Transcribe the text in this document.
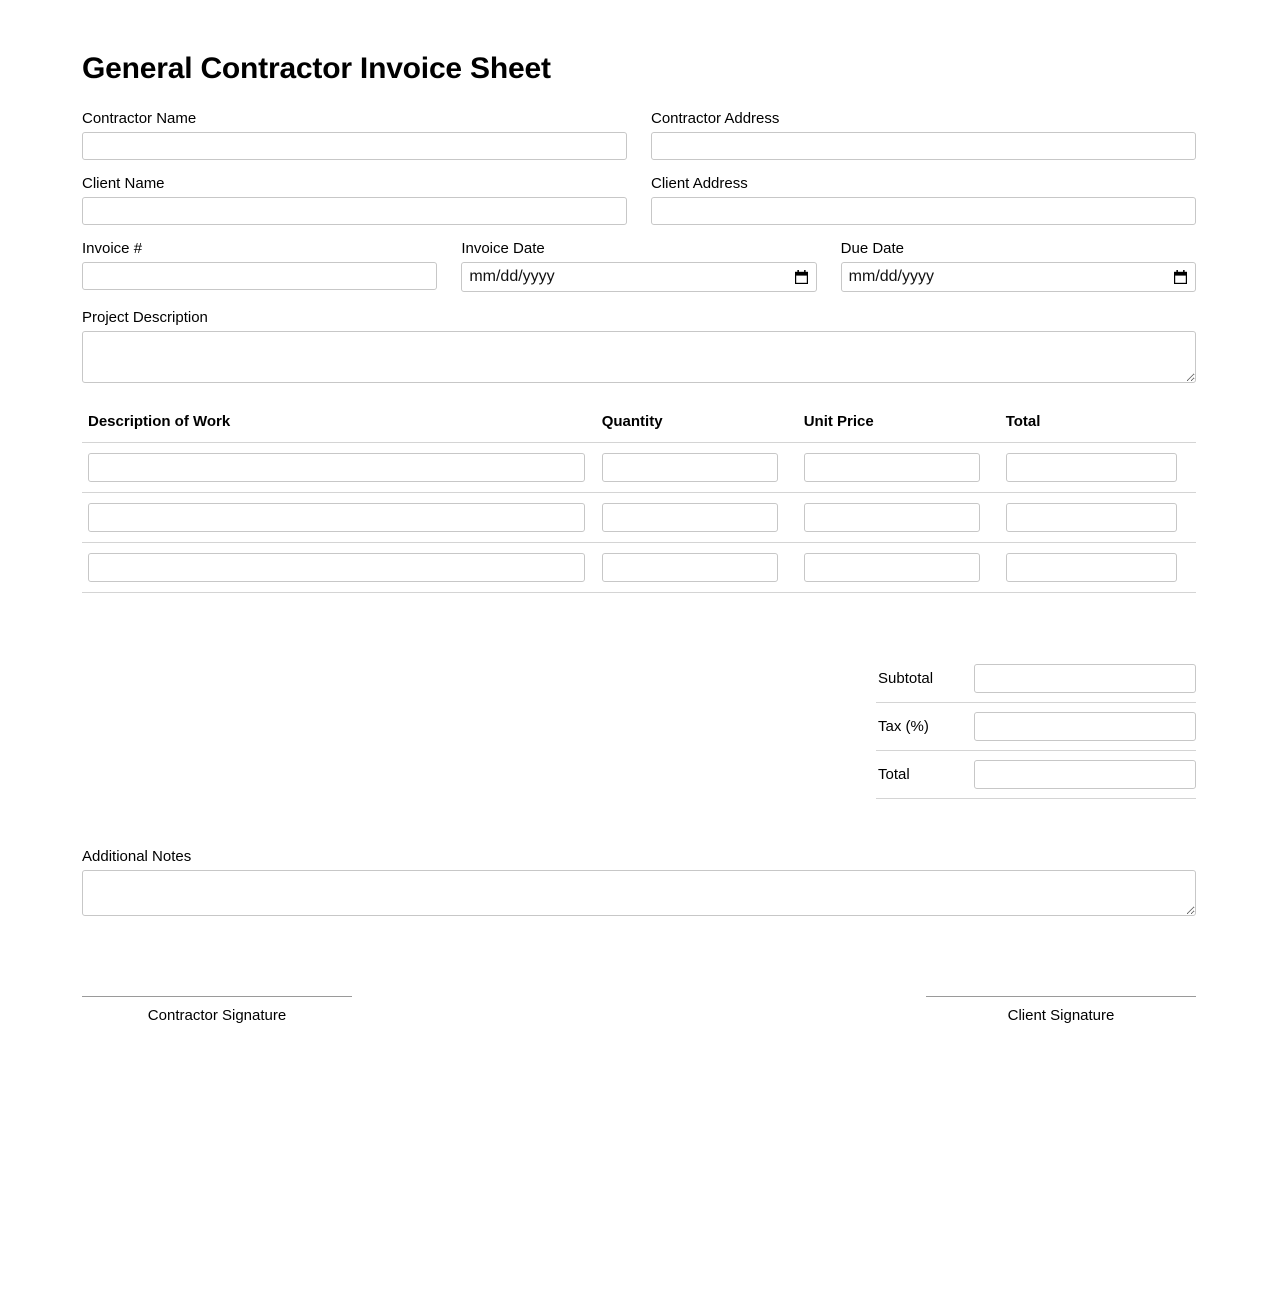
General Contractor Invoice Sheet
Contractor Name	Contractor Address
Client Name	Client Address
Invoice #	Invoice Date
mm/dd/yyyy
Due Date
mm/dd/yyyy
Project Description
Description of Work	Quantity	Unit Price	Total

Subtotal	
Tax (%)	
Total	
Additional Notes
Contractor Signature	Client Signature
